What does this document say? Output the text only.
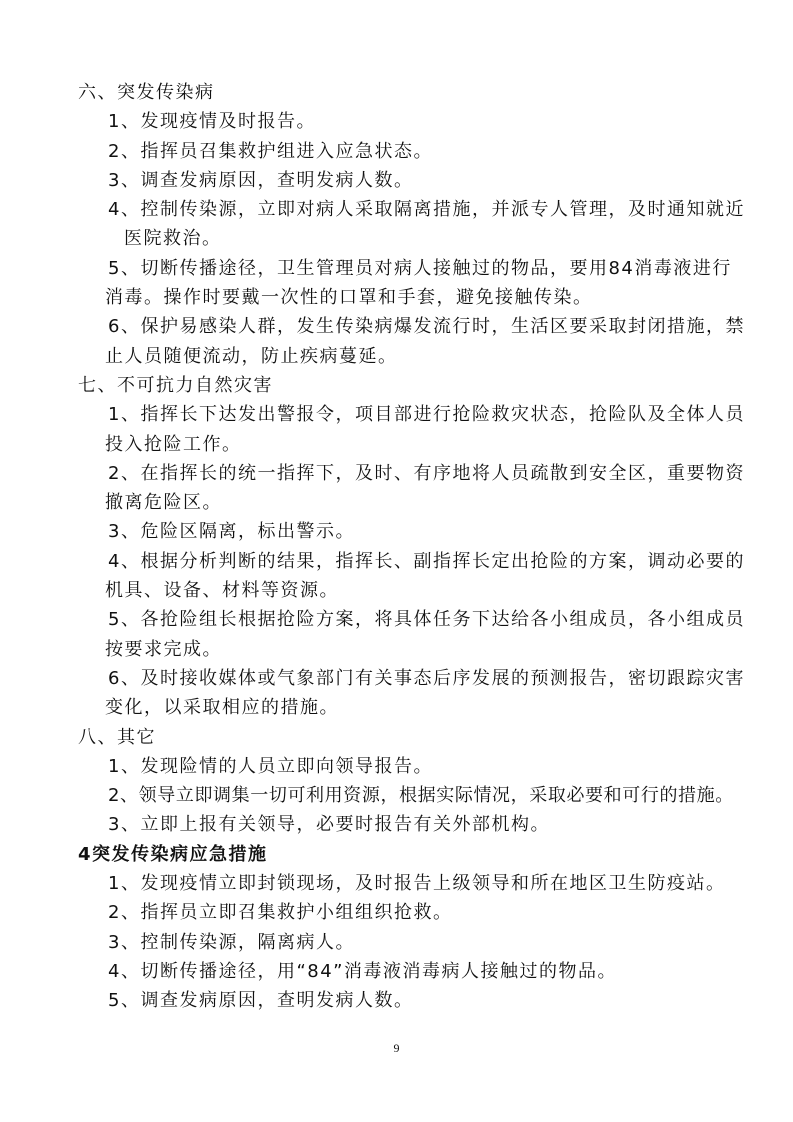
六、突发传染病
1、发现疫情及时报告。
2、指挥员召集救护组进入应急状态。
3、调查发病原因，查明发病人数。
4、控制传染源，立即对病人采取隔离措施，并派专人管理，及时通知就近
医院救治。
5、切断传播途径，卫生管理员对病人接触过的物品，要用84消毒液进行
消毒。操作时要戴一次性的口罩和手套，避免接触传染。
6、保护易感染人群，发生传染病爆发流行时，生活区要采取封闭措施，禁
止人员随便流动，防止疾病蔓延。
七、不可抗力自然灾害
1、指挥长下达发出警报令，项目部进行抢险救灾状态，抢险队及全体人员
投入抢险工作。
2、在指挥长的统一指挥下，及时、有序地将人员疏散到安全区，重要物资
撤离危险区。
3、危险区隔离，标出警示。
4、根据分析判断的结果，指挥长、副指挥长定出抢险的方案，调动必要的
机具、设备、材料等资源。
5、各抢险组长根据抢险方案，将具体任务下达给各小组成员，各小组成员
按要求完成。
6、及时接收媒体或气象部门有关事态后序发展的预测报告，密切跟踪灾害
变化，以采取相应的措施。
八、其它
1、发现险情的人员立即向领导报告。
2、领导立即调集一切可利用资源，根据实际情况，采取必要和可行的措施。
3、立即上报有关领导，必要时报告有关外部机构。
4突发传染病应急措施
1、发现疫情立即封锁现场，及时报告上级领导和所在地区卫生防疫站。
2、指挥员立即召集救护小组组织抢救。
3、控制传染源，隔离病人。
4、切断传播途径，用“84”消毒液消毒病人接触过的物品。
5、调查发病原因，查明发病人数。
9
